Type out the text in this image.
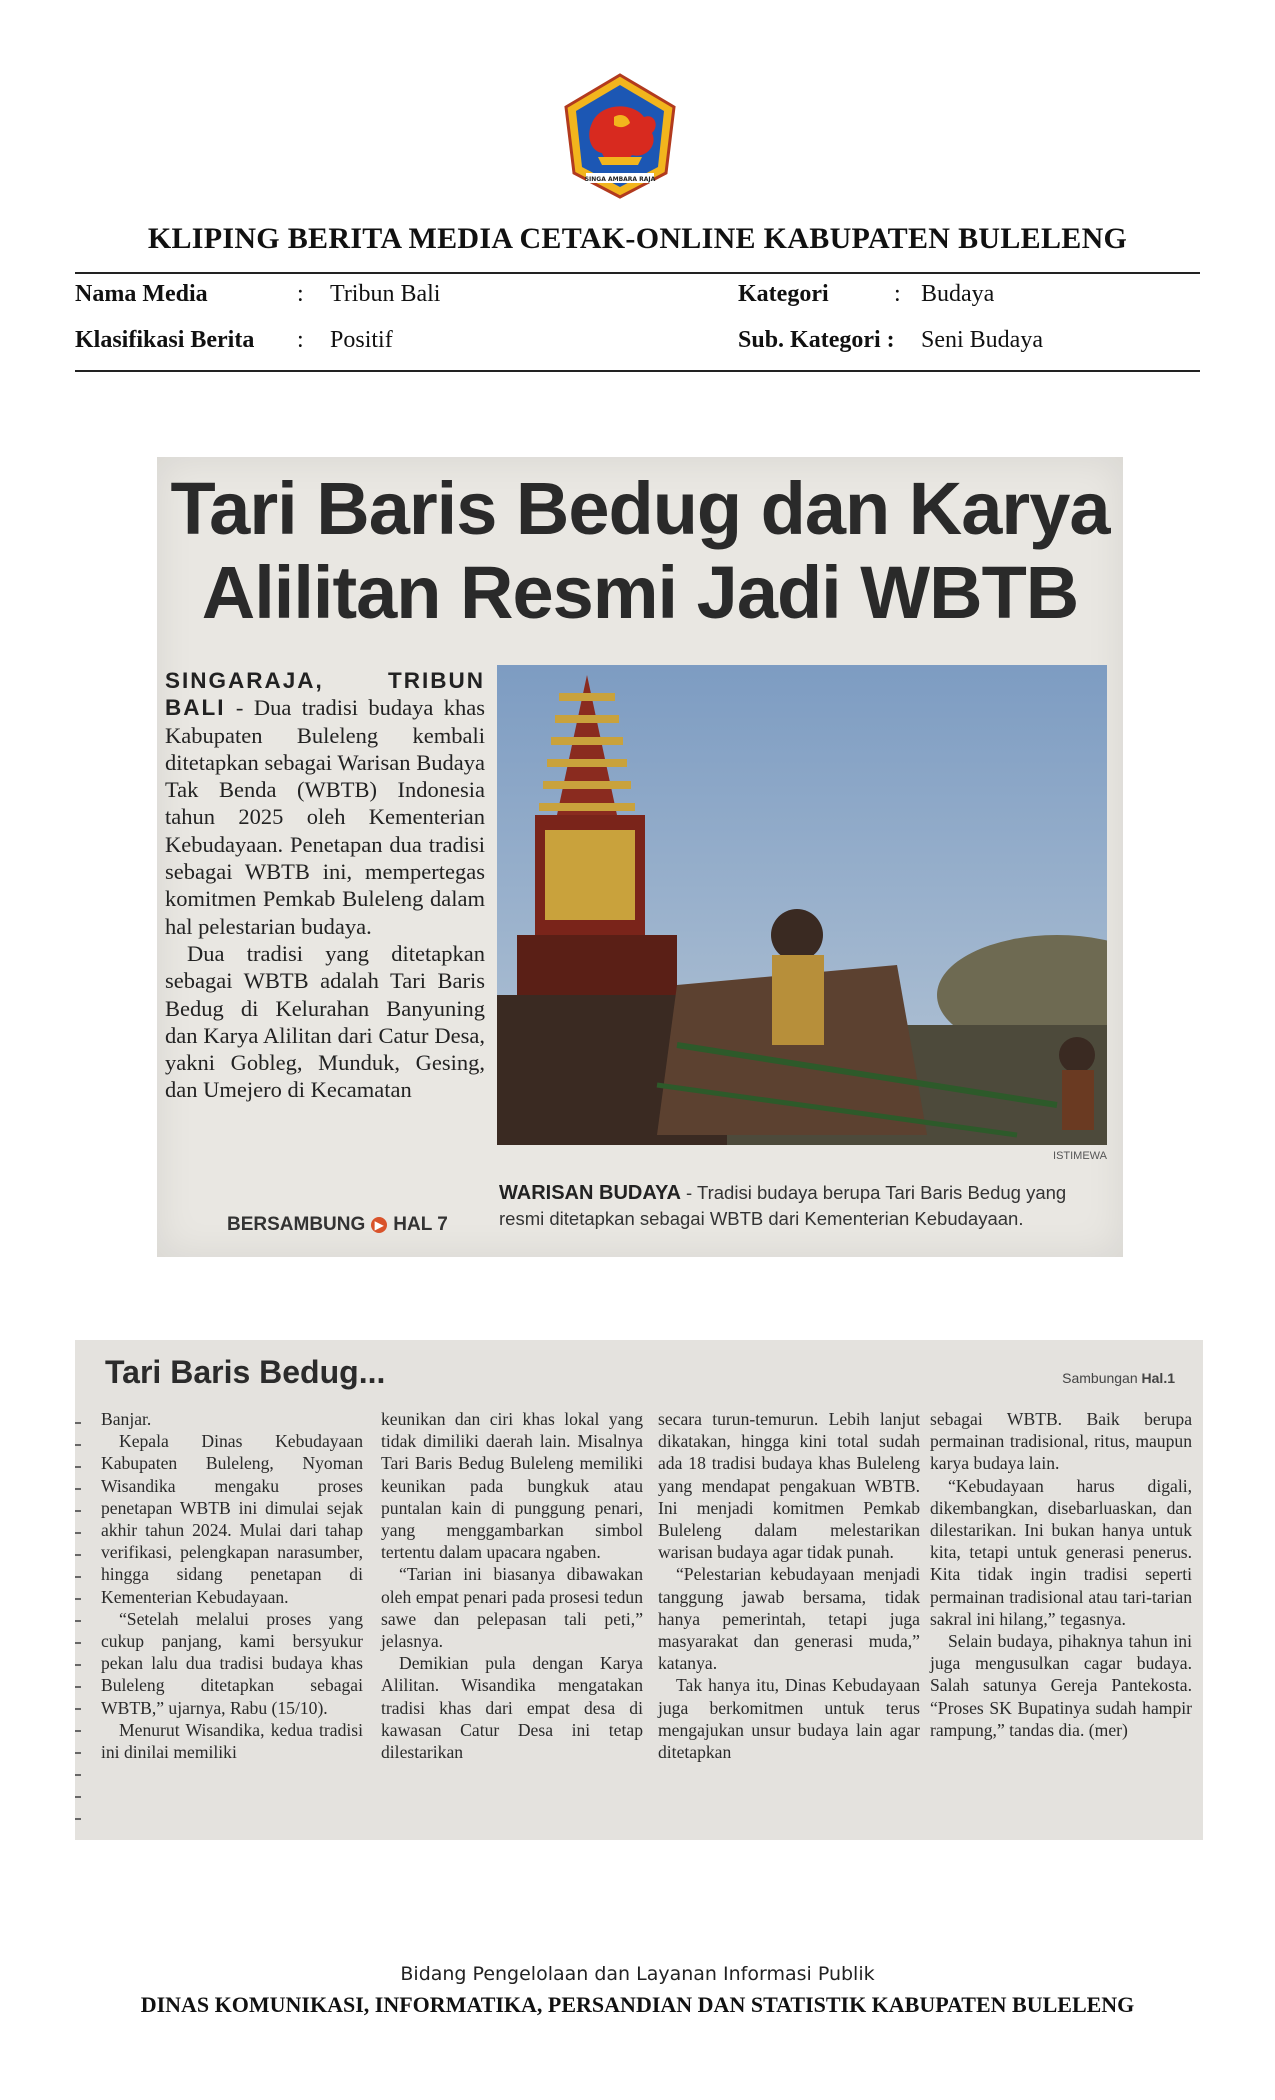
SINGA AMBARA RAJA
KLIPING BERITA MEDIA CETAK-ONLINE KABUPATEN BULELENG
Nama Media	: Tribun Bali
Klasifikasi Berita : Positif
Kategori	: Budaya
Sub. Kategori : Seni Budaya
Tari Baris Bedug dan Karya
Alilitan Resmi Jadi WBTB

SINGARAJA, TRIBUN BALI - Dua tradisi budaya khas Kabupaten Buleleng kembali ditetapkan sebagai Warisan Budaya Tak Benda (WBTB) Indonesia tahun 2025 oleh Kementerian Kebudayaan. Penetapan dua tradisi sebagai WBTB ini, mempertegas komitmen Pemkab Buleleng dalam hal pelestarian budaya.

Dua tradisi yang ditetapkan sebagai WBTB adalah Tari Baris Bedug di Kelurahan Banyuning dan Karya Alilitan dari Catur Desa, yakni Gobleg, Munduk, Gesing, dan Umejero di Kecamatan

BERSAMBUNG ▶ HAL 7
ISTIMEWA
WARISAN BUDAYA - Tradisi budaya berupa Tari Baris Bedug yang resmi ditetapkan sebagai WBTB dari Kementerian Kebudayaan.
Tari Baris Bedug...	Sambungan Hal.1

Banjar.

Kepala Dinas Kebudayaan Kabupaten Buleleng, Nyoman Wisandika mengaku proses penetapan WBTB ini dimulai sejak akhir tahun 2024. Mulai dari tahap verifikasi, pelengkapan narasumber, hingga sidang penetapan di Kementerian Kebudayaan.

“Setelah melalui proses yang cukup panjang, kami bersyukur pekan lalu dua tradisi budaya khas Buleleng ditetapkan sebagai WBTB,” ujarnya, Rabu (15/10).

Menurut Wisandika, kedua tradisi ini dinilai memiliki

keunikan dan ciri khas lokal yang tidak dimiliki daerah lain. Misalnya Tari Baris Bedug Buleleng memiliki keunikan pada bungkuk atau puntalan kain di punggung penari, yang menggambarkan simbol tertentu dalam upacara ngaben.

“Tarian ini biasanya dibawakan oleh empat penari pada prosesi tedun sawe dan pelepasan tali peti,” jelasnya.

Demikian pula dengan Karya Alilitan. Wisandika mengatakan tradisi khas dari empat desa di kawasan Catur Desa ini tetap dilestarikan

secara turun-temurun. Lebih lanjut dikatakan, hingga kini total sudah ada 18 tradisi budaya khas Buleleng yang mendapat pengakuan WBTB. Ini menjadi komitmen Pemkab Buleleng dalam melestarikan warisan budaya agar tidak punah.

“Pelestarian kebudayaan menjadi tanggung jawab bersama, tidak hanya pemerintah, tetapi juga masyarakat dan generasi muda,” katanya.

Tak hanya itu, Dinas Kebudayaan juga berkomitmen untuk terus mengajukan unsur budaya lain agar ditetapkan

sebagai WBTB. Baik berupa permainan tradisional, ritus, maupun karya budaya lain.

“Kebudayaan harus digali, dikembangkan, disebarluaskan, dan dilestarikan. Ini bukan hanya untuk kita, tetapi untuk generasi penerus. Kita tidak ingin tradisi seperti permainan tradisional atau tari-tarian sakral ini hilang,” tegasnya.

Selain budaya, pihaknya tahun ini juga mengusulkan cagar budaya. Salah satunya Gereja Pantekosta. “Proses SK Bupatinya sudah hampir rampung,” tandas dia. (mer)

Bidang Pengelolaan dan Layanan Informasi Publik
DINAS KOMUNIKASI, INFORMATIKA, PERSANDIAN DAN STATISTIK KABUPATEN BULELENG
